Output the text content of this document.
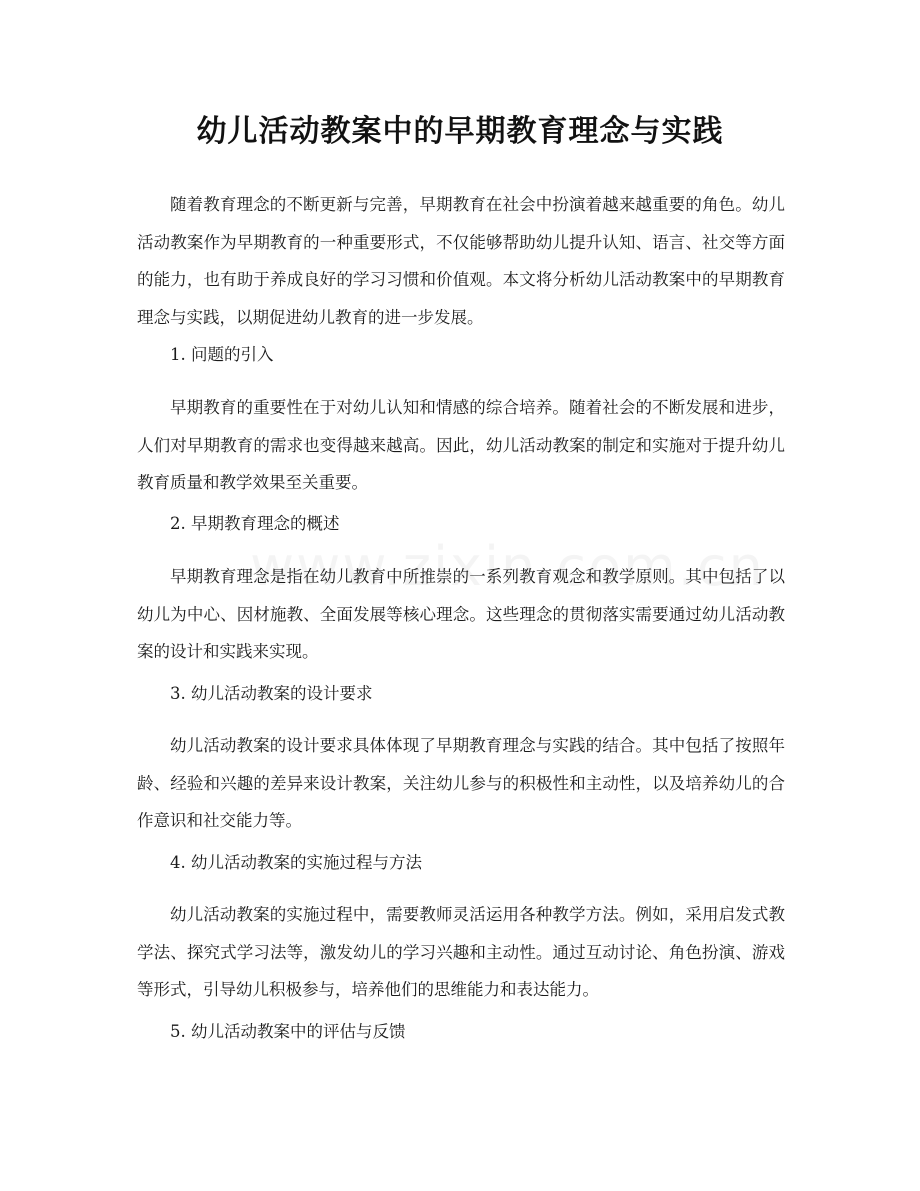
幼儿活动教案中的早期教育理念与实践

随着教育理念的不断更新与完善，早期教育在社会中扮演着越来越重要的角色。幼儿活动教案作为早期教育的一种重要形式，不仅能够帮助幼儿提升认知、语言、社交等方面的能力，也有助于养成良好的学习习惯和价值观。本文将分析幼儿活动教案中的早期教育理念与实践，以期促进幼儿教育的进一步发展。

1. 问题的引入

早期教育的重要性在于对幼儿认知和情感的综合培养。随着社会的不断发展和进步，人们对早期教育的需求也变得越来越高。因此，幼儿活动教案的制定和实施对于提升幼儿教育质量和教学效果至关重要。

2. 早期教育理念的概述

早期教育理念是指在幼儿教育中所推崇的一系列教育观念和教学原则。其中包括了以幼儿为中心、因材施教、全面发展等核心理念。这些理念的贯彻落实需要通过幼儿活动教案的设计和实践来实现。

3. 幼儿活动教案的设计要求

幼儿活动教案的设计要求具体体现了早期教育理念与实践的结合。其中包括了按照年龄、经验和兴趣的差异来设计教案，关注幼儿参与的积极性和主动性，以及培养幼儿的合作意识和社交能力等。

4. 幼儿活动教案的实施过程与方法

幼儿活动教案的实施过程中，需要教师灵活运用各种教学方法。例如，采用启发式教学法、探究式学习法等，激发幼儿的学习兴趣和主动性。通过互动讨论、角色扮演、游戏等形式，引导幼儿积极参与，培养他们的思维能力和表达能力。

5. 幼儿活动教案中的评估与反馈
